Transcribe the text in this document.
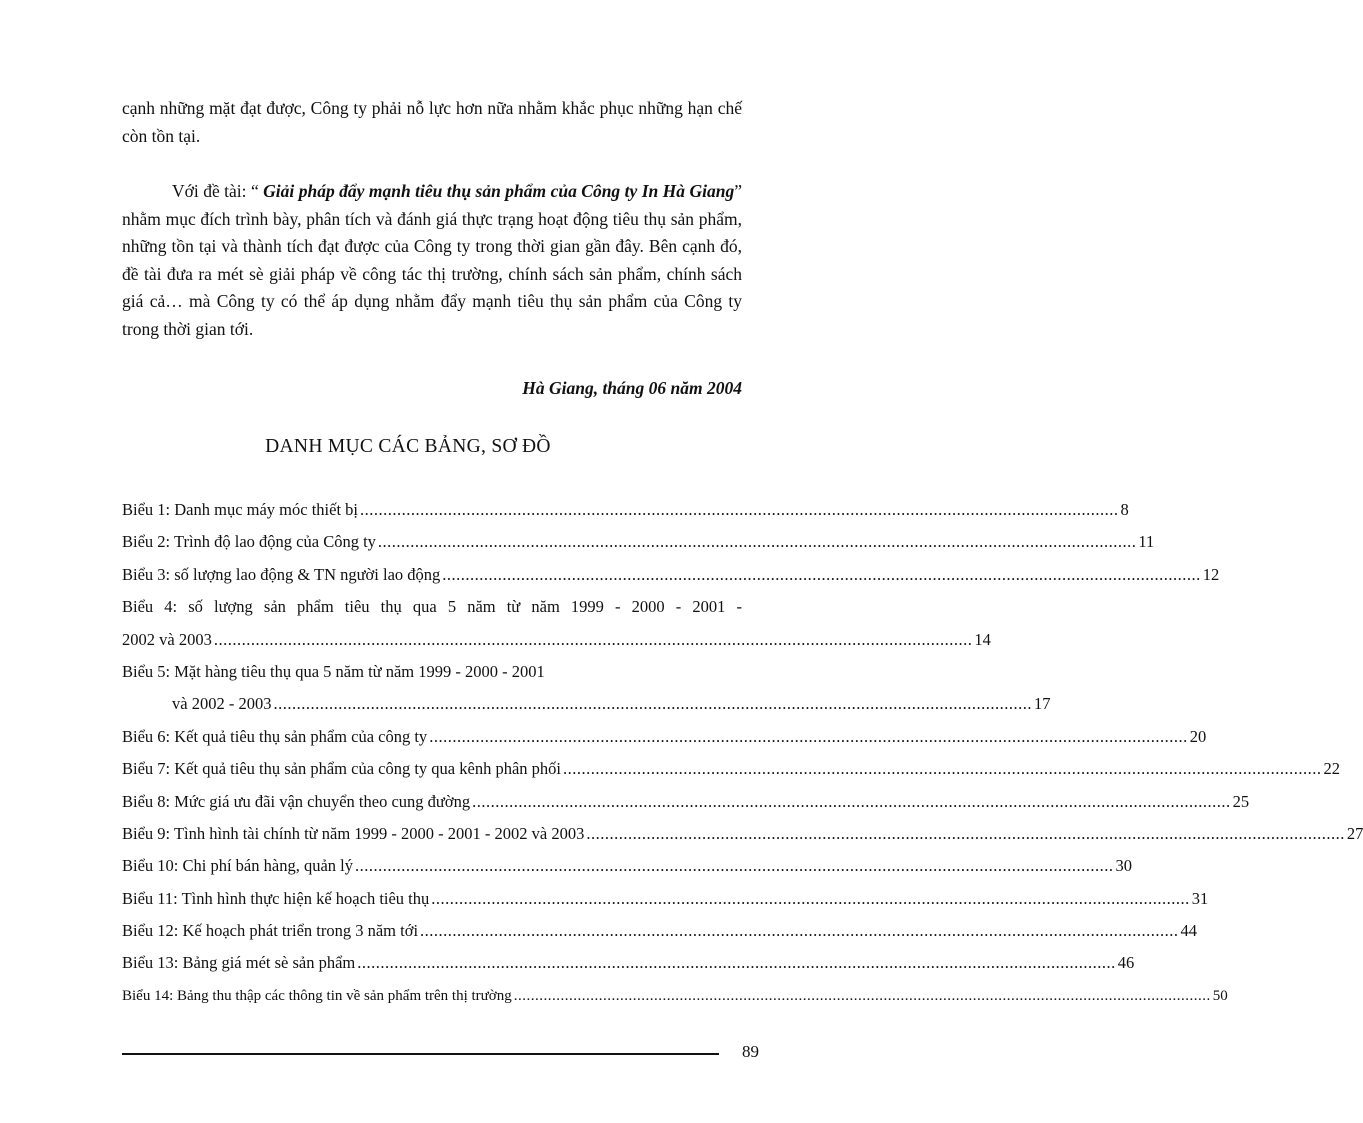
cạnh những mặt đạt được, Công ty phải nỗ lực hơn nữa nhằm khắc phục những hạn chế còn tồn tại.
Với đề tài: “ Giải pháp đẩy mạnh tiêu thụ sản phẩm của Công ty In Hà Giang” nhằm mục đích trình bày, phân tích và đánh giá thực trạng hoạt động tiêu thụ sản phẩm, những tồn tại và thành tích đạt được của Công ty trong thời gian gần đây. Bên cạnh đó, đề tài đưa ra mét sè giải pháp về công tác thị trường, chính sách sản phẩm, chính sách giá cả… mà Công ty có thể áp dụng nhằm đẩy mạnh tiêu thụ sản phẩm của Công ty trong thời gian tới.
Hà Giang, tháng 06 năm 2004
DANH MỤC CÁC BẢNG, SƠ ĐỒ
Biểu 1: Danh mục máy móc thiết bị .................................................................................................................................................................... 8
Biểu 2: Trình độ lao động của Công ty .................................................................................................................................................................... 11
Biểu 3: số lượng lao động & TN người lao động .................................................................................................................................................................... 12
Biểu 4: số lượng sản phẩm tiêu thụ qua 5 năm từ năm 1999 - 2000 - 2001 -
2002 và 2003 .................................................................................................................................................................... 14
Biểu 5: Mặt hàng tiêu thụ qua 5 năm từ năm 1999 - 2000 - 2001
và 2002 - 2003 .................................................................................................................................................................... 17
Biểu 6: Kết quả tiêu thụ sản phẩm của công ty .................................................................................................................................................................... 20
Biểu 7: Kết quả tiêu thụ sản phẩm của công ty qua kênh phân phối .................................................................................................................................................................... 22
Biểu 8: Mức giá ưu đãi vận chuyển theo cung đường .................................................................................................................................................................... 25
Biểu 9: Tình hình tài chính từ năm 1999 - 2000 - 2001 - 2002 và 2003 .................................................................................................................................................................... 27
Biểu 10: Chi phí bán hàng, quản lý .................................................................................................................................................................... 30
Biểu 11: Tình hình thực hiện kế hoạch tiêu thụ .................................................................................................................................................................... 31
Biểu 12: Kế hoạch phát triển trong 3 năm tới .................................................................................................................................................................... 44
Biểu 13: Bảng giá mét sè sản phẩm .................................................................................................................................................................... 46
Biểu 14: Bảng thu thập các thông tin về sản phẩm trên thị trường .................................................................................................................................................................... 50
89
